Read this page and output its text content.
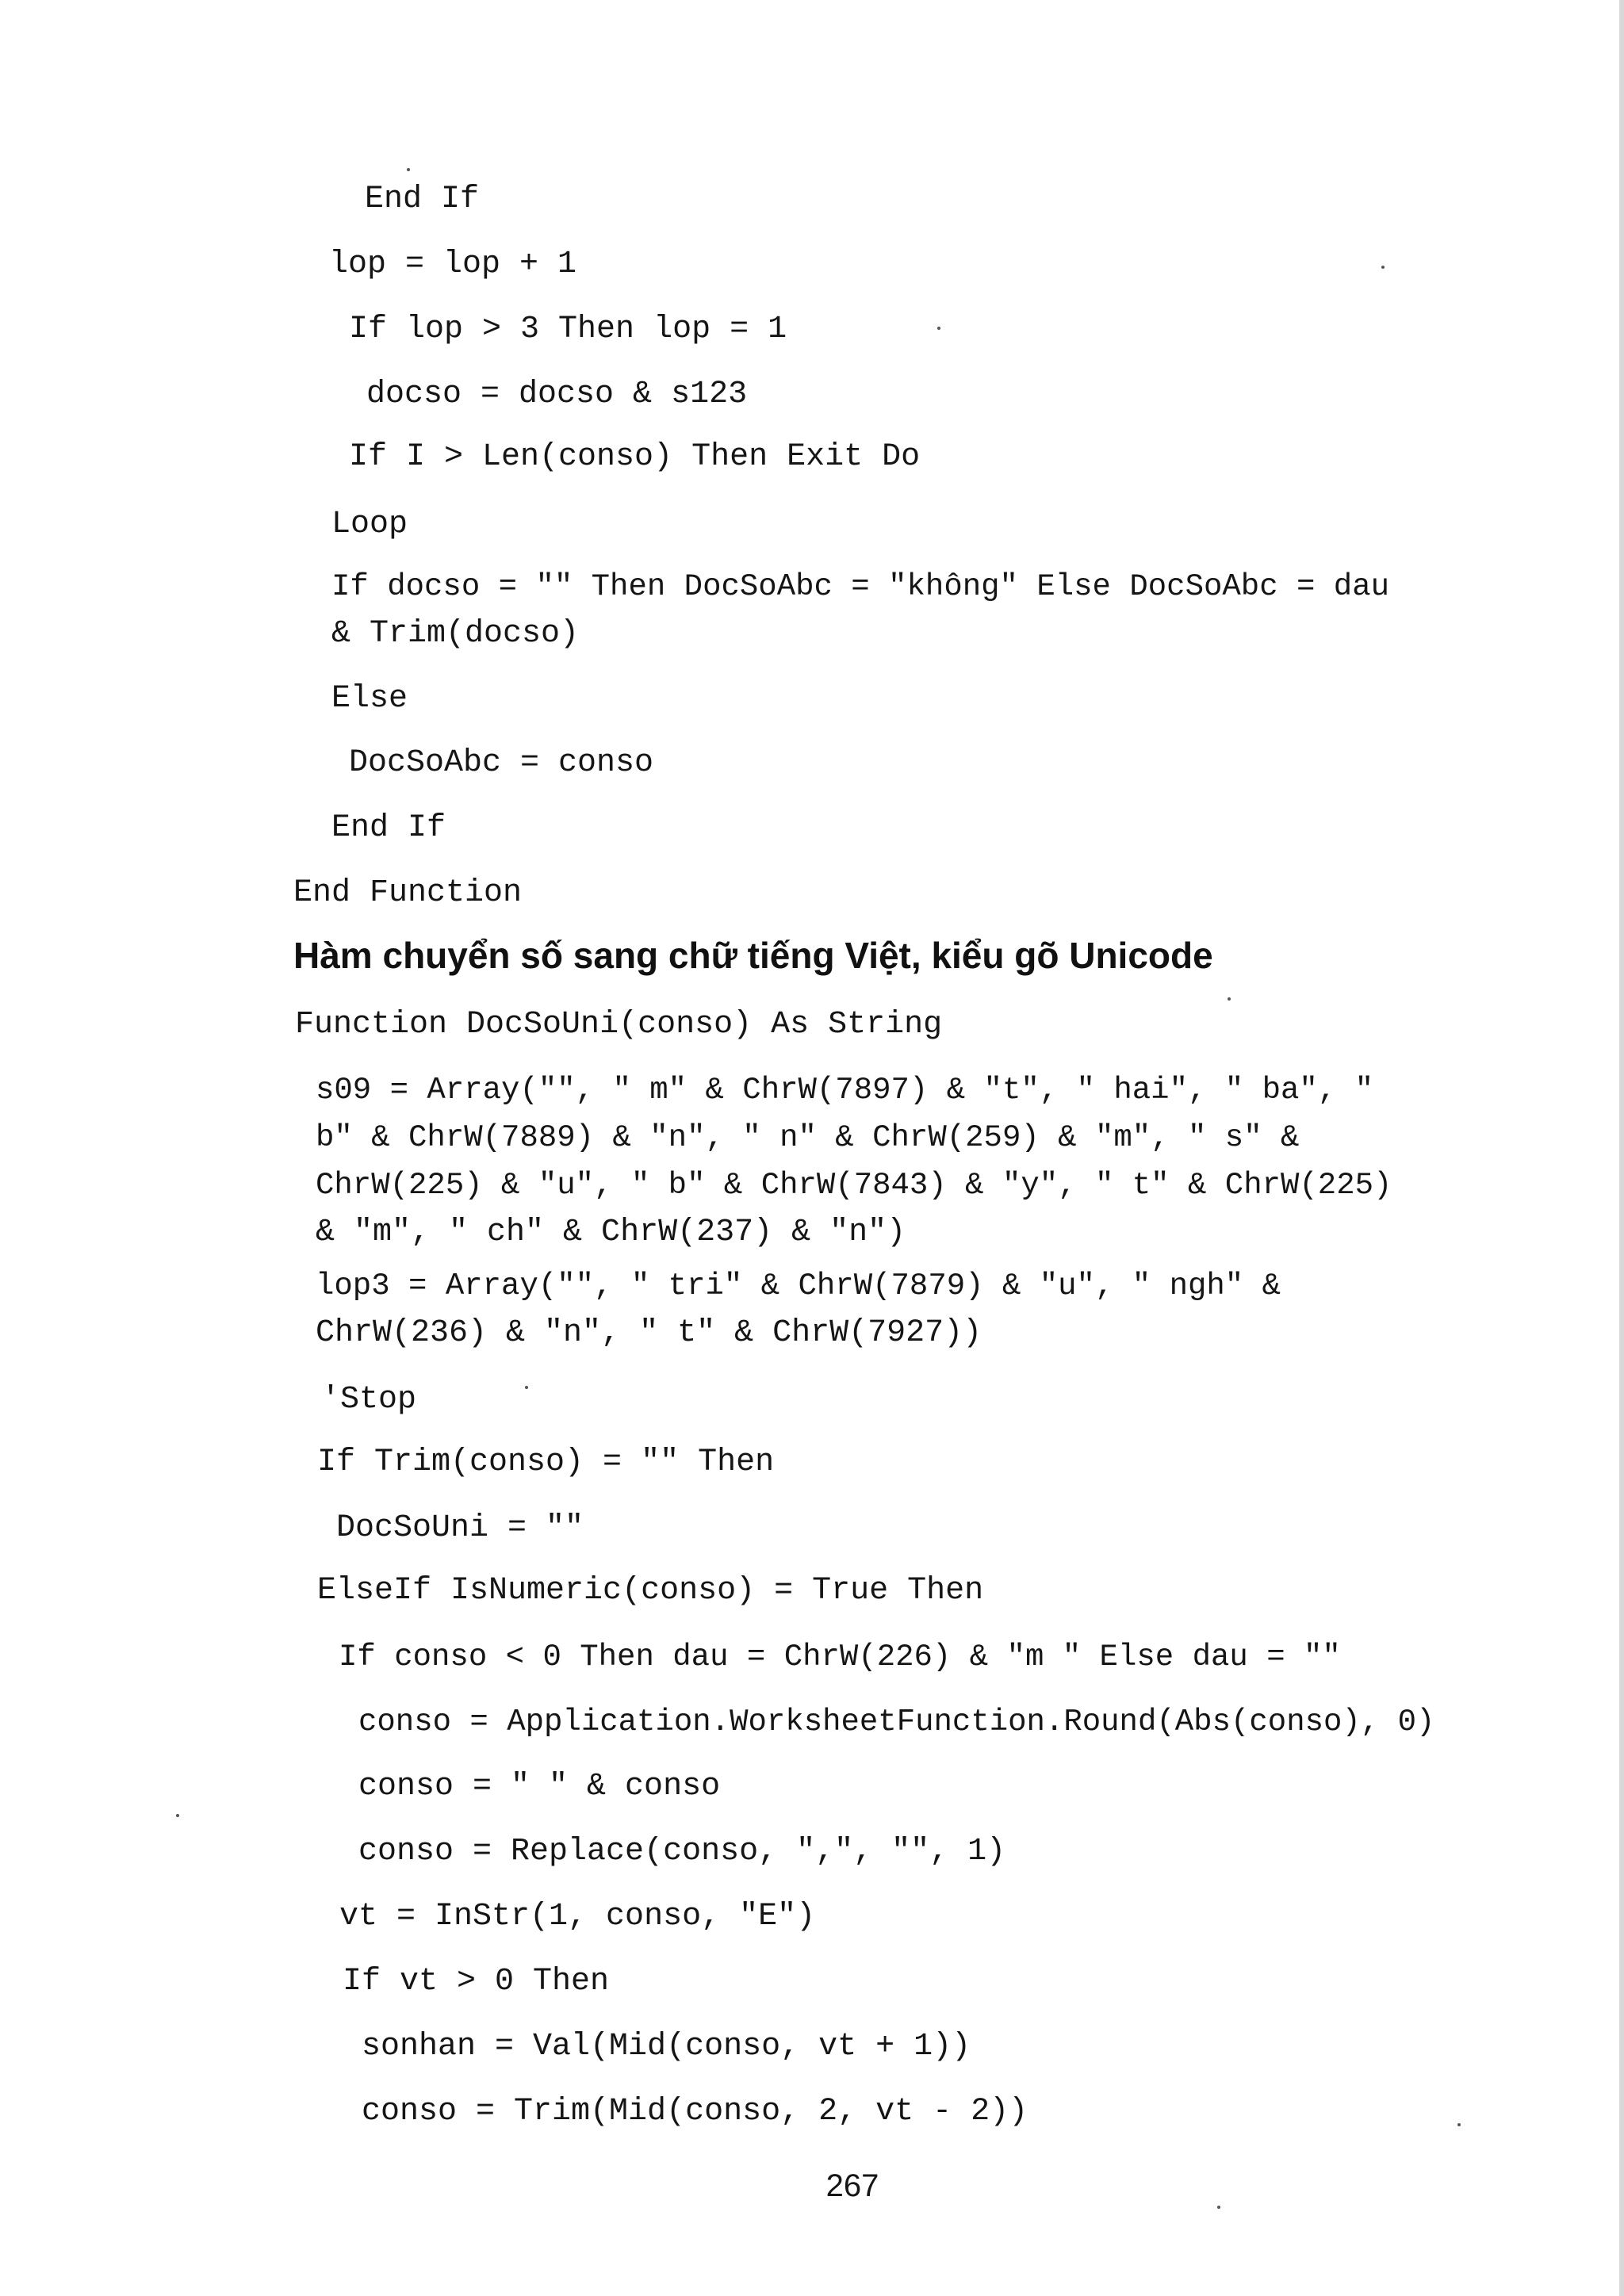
End If
lop = lop + 1
If lop > 3 Then lop = 1
docso = docso & s123
If I > Len(conso) Then Exit Do
Loop
If docso = "" Then DocSoAbc = "không" Else DocSoAbc = dau
& Trim(docso)
Else
DocSoAbc = conso
End If
End Function
Hàm chuyển số sang chữ tiếng Việt, kiểu gõ Unicode
Function DocSoUni(conso) As String
s09 = Array("", " m" & ChrW(7897) & "t", " hai", " ba", "
b" & ChrW(7889) & "n", " n" & ChrW(259) & "m", " s" &
ChrW(225) & "u", " b" & ChrW(7843) & "y", " t" & ChrW(225)
& "m", " ch" & ChrW(237) & "n")
lop3 = Array("", " tri" & ChrW(7879) & "u", " ngh" &
ChrW(236) & "n", " t" & ChrW(7927))
'Stop
If Trim(conso) = "" Then
DocSoUni = ""
ElseIf IsNumeric(conso) = True Then
If conso < 0 Then dau = ChrW(226) & "m " Else dau = ""
conso = Application.WorksheetFunction.Round(Abs(conso), 0)
conso = " " & conso
conso = Replace(conso, ",", "", 1)
vt = InStr(1, conso, "E")
If vt > 0 Then
sonhan = Val(Mid(conso, vt + 1))
conso = Trim(Mid(conso, 2, vt - 2))
267
